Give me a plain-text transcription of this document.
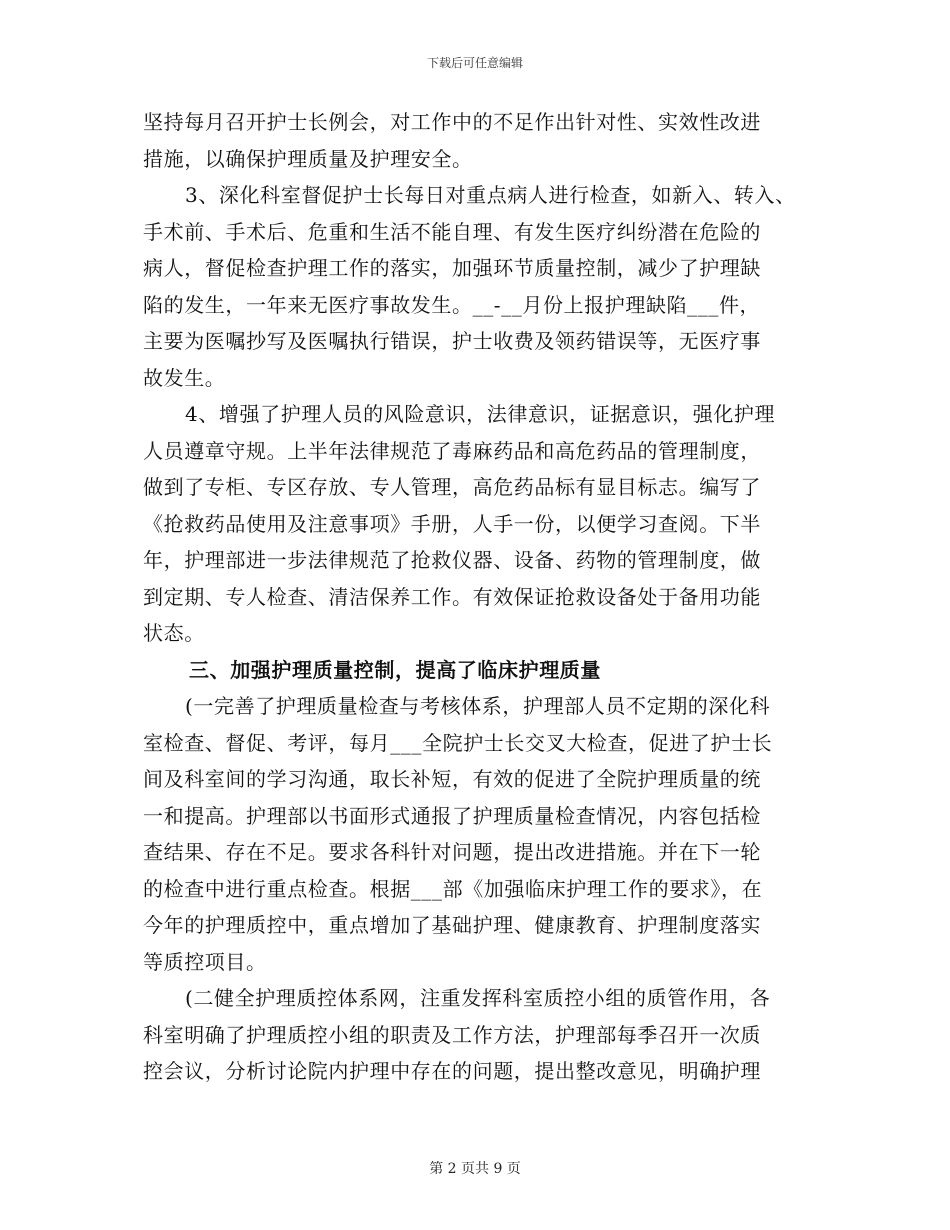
下载后可任意编辑
坚持每月召开护士长例会，对工作中的不足作出针对性、实效性改进
措施，以确保护理质量及护理安全。
3、深化科室督促护士长每日对重点病人进行检查，如新入、转入、
手术前、手术后、危重和生活不能自理、有发生医疗纠纷潜在危险的
病人，督促检查护理工作的落实，加强环节质量控制，减少了护理缺
陷的发生，一年来无医疗事故发生。__-__月份上报护理缺陷___件，
主要为医嘱抄写及医嘱执行错误，护士收费及领药错误等，无医疗事
故发生。
4、增强了护理人员的风险意识，法律意识，证据意识，强化护理
人员遵章守规。上半年法律规范了毒麻药品和高危药品的管理制度，
做到了专柜、专区存放、专人管理，高危药品标有显目标志。编写了
《抢救药品使用及注意事项》手册，人手一份，以便学习查阅。下半
年，护理部进一步法律规范了抢救仪器、设备、药物的管理制度，做
到定期、专人检查、清洁保养工作。有效保证抢救设备处于备用功能
状态。
三、加强护理质量控制，提高了临床护理质量
(一完善了护理质量检查与考核体系，护理部人员不定期的深化科
室检查、督促、考评，每月___全院护士长交叉大检查，促进了护士长
间及科室间的学习沟通，取长补短，有效的促进了全院护理质量的统
一和提高。护理部以书面形式通报了护理质量检查情况，内容包括检
查结果、存在不足。要求各科针对问题，提出改进措施。并在下一轮
的检查中进行重点检查。根据___部《加强临床护理工作的要求》，在
今年的护理质控中，重点增加了基础护理、健康教育、护理制度落实
等质控项目。
(二健全护理质控体系网，注重发挥科室质控小组的质管作用，各
科室明确了护理质控小组的职责及工作方法，护理部每季召开一次质
控会议，分析讨论院内护理中存在的问题，提出整改意见，明确护理
第 2 页共 9 页
